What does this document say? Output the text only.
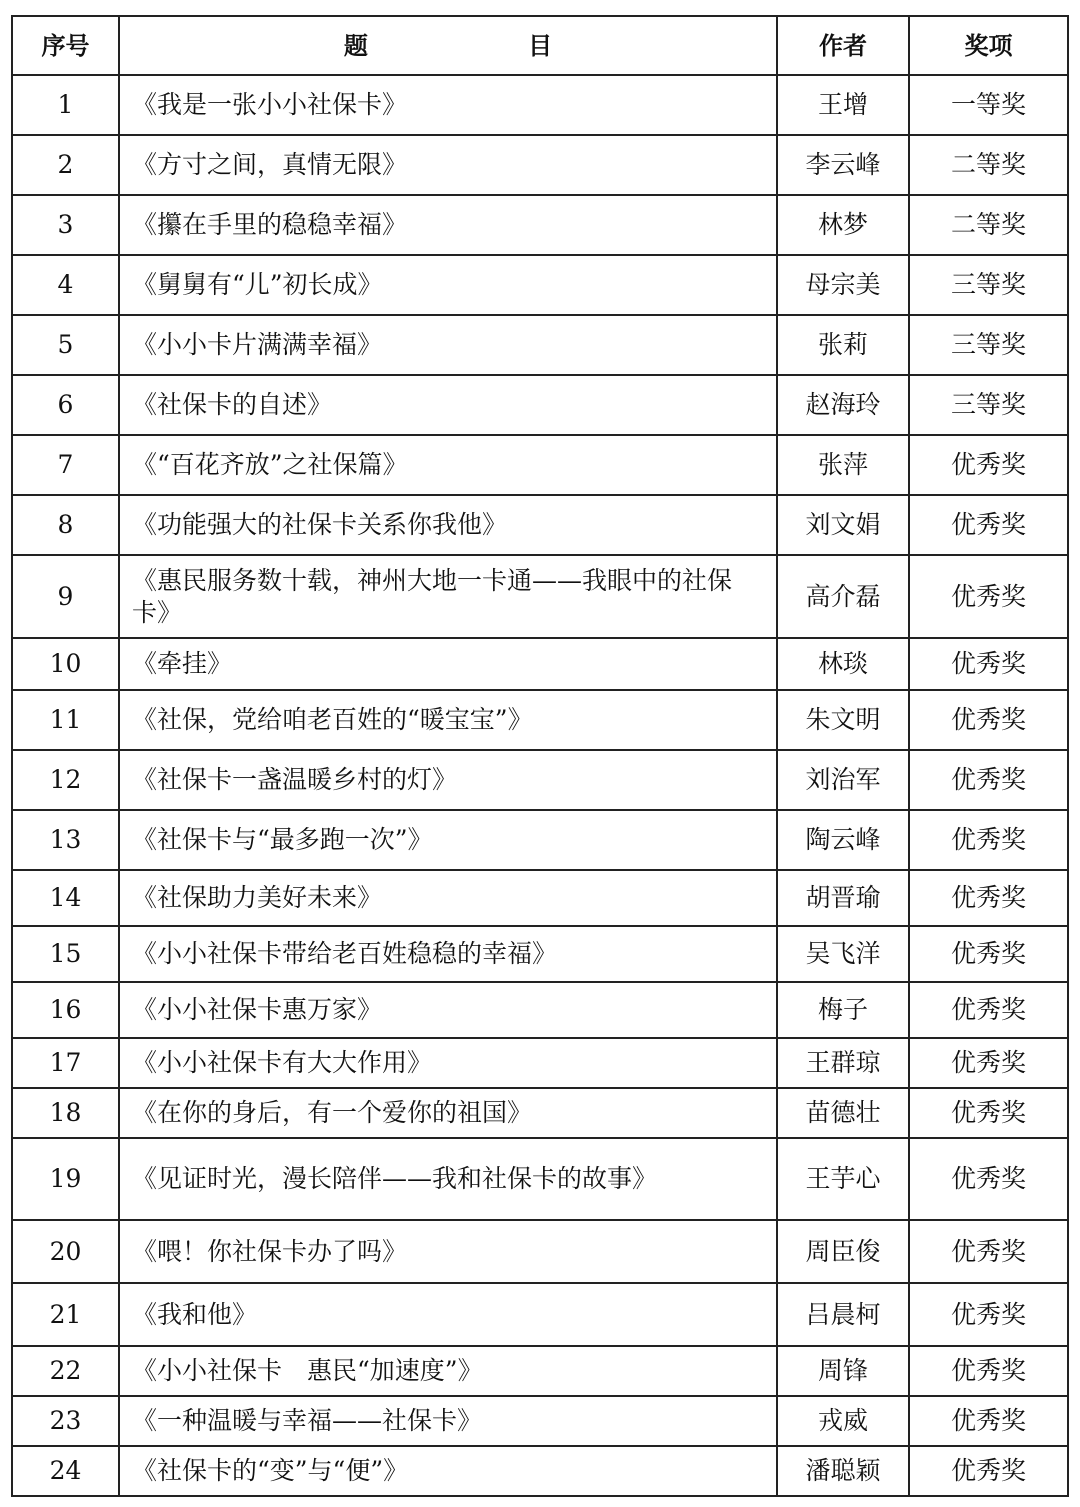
序号	题 目	作者	奖项
1	《我是一张小小社保卡》	王增	一等奖
2	《方寸之间，真情无限》	李云峰	二等奖
3	《攥在手里的稳稳幸福》	林梦	二等奖
4	《舅舅有“儿”初长成》	母宗美	三等奖
5	《小小卡片满满幸福》	张莉	三等奖
6	《社保卡的自述》	赵海玲	三等奖
7	《“百花齐放”之社保篇》	张萍	优秀奖
8	《功能强大的社保卡关系你我他》	刘文娟	优秀奖
9	《惠民服务数十载，神州大地一卡通——我眼中的社保卡》	高介磊	优秀奖
10	《牵挂》	林琰	优秀奖
11	《社保，党给咱老百姓的“暖宝宝”》	朱文明	优秀奖
12	《社保卡一盏温暖乡村的灯》	刘治军	优秀奖
13	《社保卡与“最多跑一次”》	陶云峰	优秀奖
14	《社保助力美好未来》	胡晋瑜	优秀奖
15	《小小社保卡带给老百姓稳稳的幸福》	吴飞洋	优秀奖
16	《小小社保卡惠万家》	梅子	优秀奖
17	《小小社保卡有大大作用》	王群琼	优秀奖
18	《在你的身后，有一个爱你的祖国》	苗德壮	优秀奖
19	《见证时光，漫长陪伴——我和社保卡的故事》	王芋心	优秀奖
20	《喂！你社保卡办了吗》	周臣俊	优秀奖
21	《我和他》	吕晨柯	优秀奖
22	《小小社保卡　惠民“加速度”》	周锋	优秀奖
23	《一种温暖与幸福——社保卡》	戎威	优秀奖
24	《社保卡的“变”与“便”》	潘聪颖	优秀奖
